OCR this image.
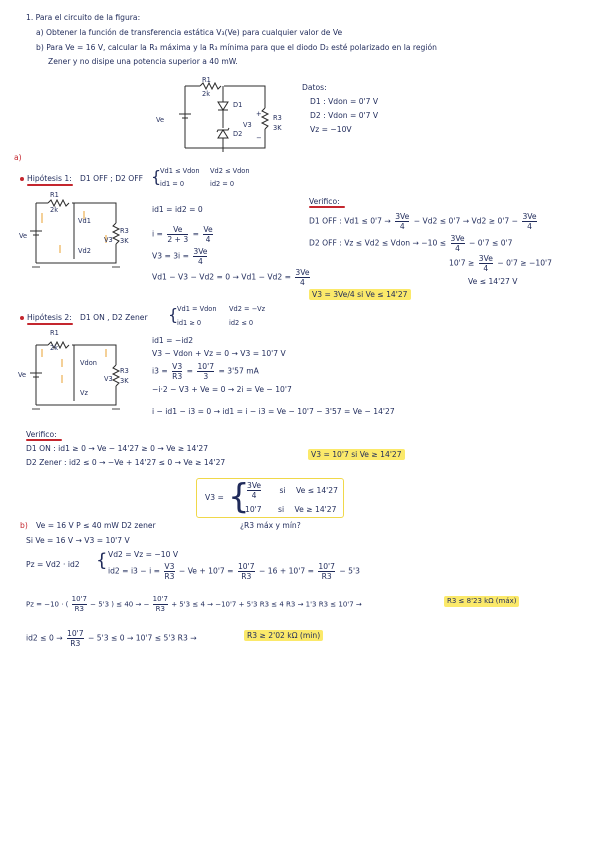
1. Para el circuito de la figura:
a) Obtener la función de transferencia estática V₃(Ve) para cualquier valor de Ve
b) Para Ve = 16 V, calcular la R₃ máxima y la R₃ mínima para que el diodo D₂ esté polarizado en la región
Zener y no disipe una potencia superior a 40 mW.
R1
2k
D1
D2
Ve
V3
R3
3K
+
−
Datos:
D1 : Vdon = 0'7 V
D2 : Vdon = 0'7 V
Vz = −10V
a)
Hipótesis 1: D1 OFF ; D2 OFF {
Vd1 ≤ Vdon Vd2 ≤ Vdon
id1 = 0	id2 = 0
R1
2k
Ve
Vd1
Vd2
V3
R3
3K
id1 = id2 = 0
$i = \frac{Ve}{2 + 3} = \frac{Ve}{4}$
$V3 = 3i = \frac{3Ve}{4}$
$Vd1 - V3 - Vd2 = 0 \to Vd1 - Vd2 = \frac{3Ve}{4}$
Verifico:
D1 OFF : $Vd1 \le 0'7 \to \frac{3Ve}{4} - Vd2 \le 0'7 \to Vd2 \ge 0'7 - \frac{3Ve}{4}$
D2 OFF : Vz ≤ Vd2 ≤ Vdon → $-10 \le \frac{3Ve}{4} - 0'7 \le 0'7$
$10'7 \ge \frac{3Ve}{4} - 0'7 \ge -10'7$
Ve ≤ 14'27 V
V3 = 3Ve/4 si Ve ≤ 14'27
Hipótesis 2: D1 ON , D2 Zener {
Vd1 = Vdon Vd2 = −Vz
id1 ≥ 0	id2 ≤ 0
R1
2k
Ve
Vdon
Vz
V3
R3
3K
id1 = −id2
V3 − Vdon + Vz = 0 → V3 = 10'7 V
$i3 = \frac{V3}{R3} = \frac{10'7}{3} = 3'57$ mA
−i·2 − V3 + Ve = 0 → 2i = Ve − 10'7
i − id1 − i3 = 0 → id1 = i − i3 = Ve − 10'7 − 3'57 = Ve − 14'27
Verifico:
D1 ON : id1 ≥ 0 → Ve − 14'27 ≥ 0 → Ve ≥ 14'27
D2 Zener : id2 ≤ 0 → −Ve + 14'27 ≤ 0 → Ve ≥ 14'27
V3 = 10'7 si Ve ≥ 14'27
V3 = {
$\frac{3Ve}{4}$ si Ve ≤ 14'27
10'7 si Ve ≥ 14'27
b) Ve = 16 V P ≤ 40 mW D2 zener	¿R3 máx y mín?
Si Ve = 16 V → V3 = 10'7 V
Pz = Vd2 · id2 { Vd2 = Vz = −10 V
$id2 = i3 - i = \frac{V3}{R3} - Ve + 10'7 = \frac{10'7}{R3} - 16 + 10'7 = \frac{10'7}{R3} - 5'3$
Pz = −10 · ( $\frac{10'7}{R3} - 5'3$ ) ≤ 40 → − $\frac{10'7}{R3} + 5'3 \le 4 \to -10'7 + 5'3$ R3 ≤ 4 R3 → 1'3 R3 ≤ 10'7 →	R3 ≤ 8'23 kΩ (máx)
$id2 \le 0 \to \frac{10'7}{R3} - 5'3 \le 0 \to 10'7 \le 5'3$ R3 →	R3 ≥ 2'02 kΩ (min)
